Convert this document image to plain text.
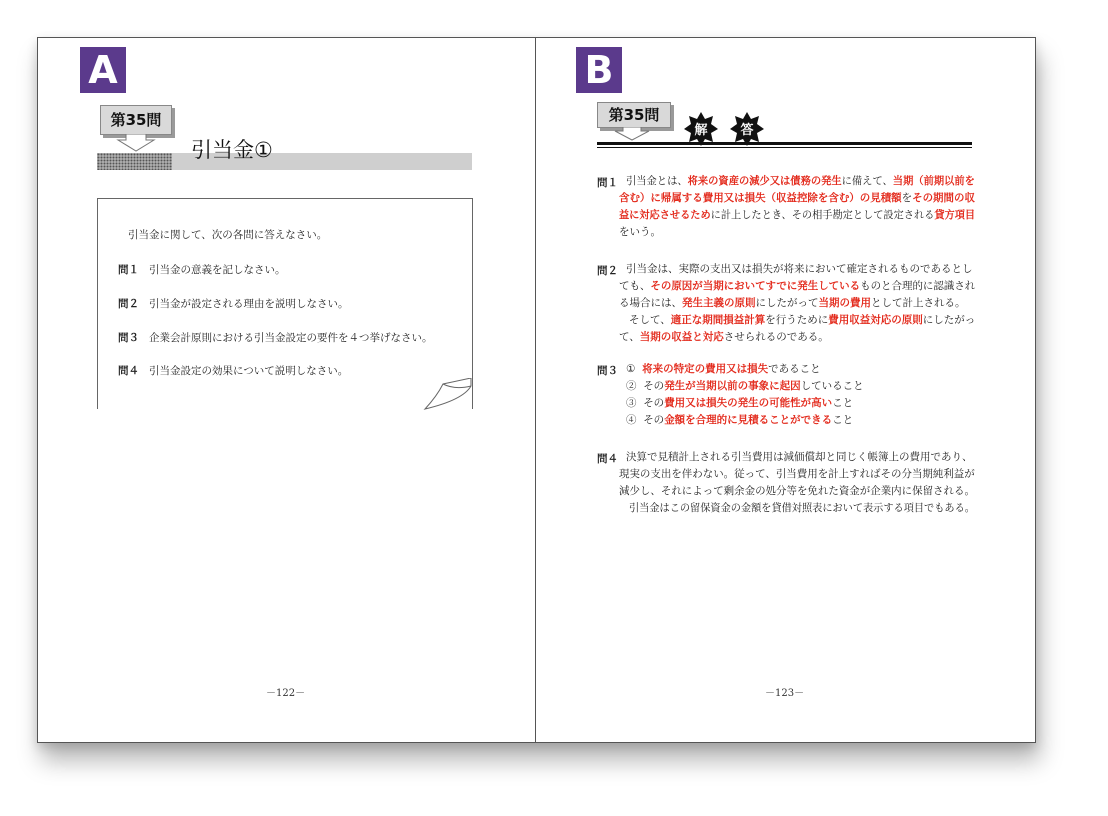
A
第35問
引当金①
引当金に関して、次の各問に答えなさい。
問１ 引当金の意義を記しなさい。
問２ 引当金が設定される理由を説明しなさい。
問３ 企業会計原則における引当金設定の要件を４つ挙げなさい。
問４ 引当金設定の効果について説明しなさい。
－122－
B
第35問
解	答
問１ 引当金とは、将来の資産の減少又は債務の発生に備えて、当期（前期以前を
含む）に帰属する費用又は損失（収益控除を含む）の見積額をその期間の収
益に対応させるために計上したとき、その相手勘定として設定される貸方項目
をいう。
問２ 引当金は、実際の支出又は損失が将来において確定されるものであるとし
ても、その原因が当期においてすでに発生しているものと合理的に認識され
る場合には、発生主義の原則にしたがって当期の費用として計上される。
そして、適正な期間損益計算を行うために費用収益対応の原則にしたがっ
て、当期の収益と対応させられるのである。
問３ ① 将来の特定の費用又は損失であること
② その発生が当期以前の事象に起因していること
③ その費用又は損失の発生の可能性が高いこと
④ その金額を合理的に見積ることができること
問４ 決算で見積計上される引当費用は減価償却と同じく帳簿上の費用であり、
現実の支出を伴わない。従って、引当費用を計上すればその分当期純利益が
減少し、それによって剰余金の処分等を免れた資金が企業内に保留される。
引当金はこの留保資金の金額を貸借対照表において表示する項目でもある。
－123－
